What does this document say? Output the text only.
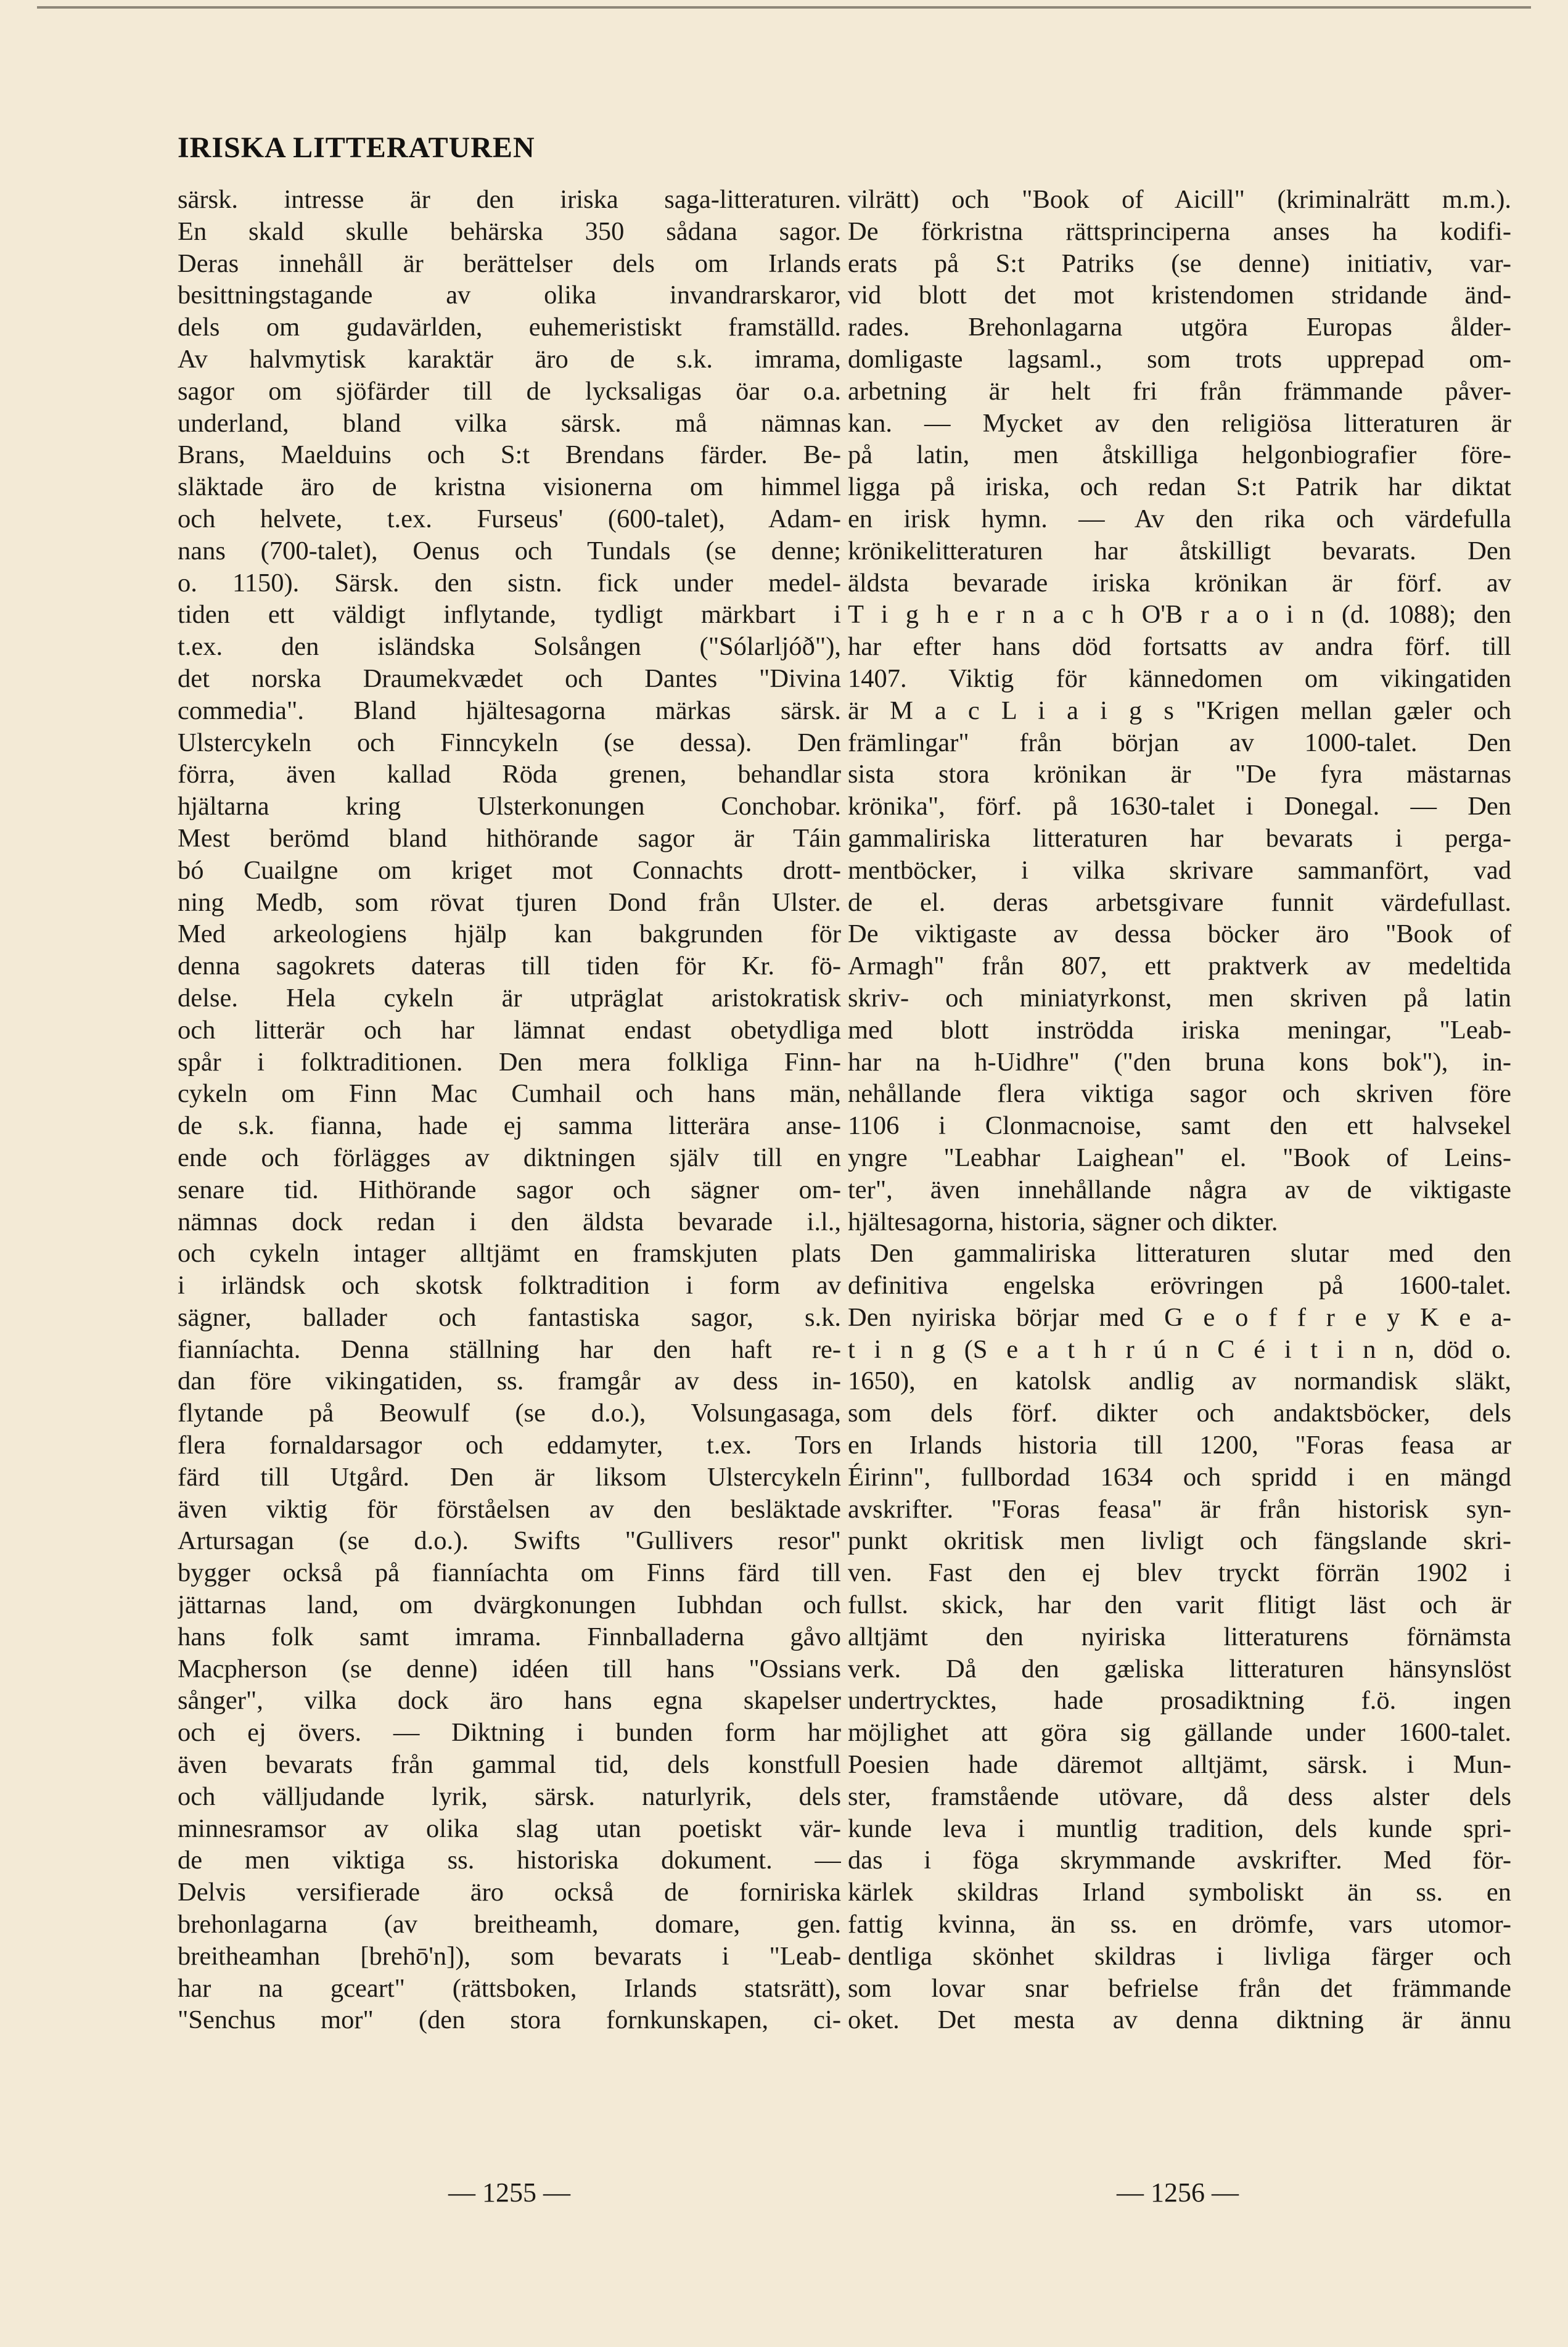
IRISKA LITTERATUREN
särsk. intresse är den iriska saga-litteraturen.
En skald skulle behärska 350 sådana sagor.
Deras innehåll är berättelser dels om Irlands
besittningstagande av olika invandrarskaror,
dels om gudavärlden, euhemeristiskt framställd.
Av halvmytisk karaktär äro de s.k. imrama,
sagor om sjöfärder till de lycksaligas öar o.a.
underland, bland vilka särsk. må nämnas
Brans, Maelduins och S:t Brendans färder. Be-
släktade äro de kristna visionerna om himmel
och helvete, t.ex. Furseus' (600-talet), Adam-
nans (700-talet), Oenus och Tundals (se denne;
o. 1150). Särsk. den sistn. fick under medel-
tiden ett väldigt inflytande, tydligt märkbart i
t.ex. den isländska Solsången ("Sólarljóð"),
det norska Draumekvædet och Dantes "Divina
commedia". Bland hjältesagorna märkas särsk.
Ulstercykeln och Finncykeln (se dessa). Den
förra, även kallad Röda grenen, behandlar
hjältarna kring Ulsterkonungen Conchobar.
Mest berömd bland hithörande sagor är Táin
bó Cuailgne om kriget mot Connachts drott-
ning Medb, som rövat tjuren Dond från Ulster.
Med arkeologiens hjälp kan bakgrunden för
denna sagokrets dateras till tiden för Kr. fö-
delse. Hela cykeln är utpräglat aristokratisk
och litterär och har lämnat endast obetydliga
spår i folktraditionen. Den mera folkliga Finn-
cykeln om Finn Mac Cumhail och hans män,
de s.k. fianna, hade ej samma litterära anse-
ende och förlägges av diktningen själv till en
senare tid. Hithörande sagor och sägner om-
nämnas dock redan i den äldsta bevarade i.l.,
och cykeln intager alltjämt en framskjuten plats
i irländsk och skotsk folktradition i form av
sägner, ballader och fantastiska sagor, s.k.
fianníachta. Denna ställning har den haft re-
dan före vikingatiden, ss. framgår av dess in-
flytande på Beowulf (se d.o.), Volsungasaga,
flera fornaldarsagor och eddamyter, t.ex. Tors
färd till Utgård. Den är liksom Ulstercykeln
även viktig för förståelsen av den besläktade
Artursagan (se d.o.). Swifts "Gullivers resor"
bygger också på fianníachta om Finns färd till
jättarnas land, om dvärgkonungen Iubhdan och
hans folk samt imrama. Finnballaderna gåvo
Macpherson (se denne) idéen till hans "Ossians
sånger", vilka dock äro hans egna skapelser
och ej övers. — Diktning i bunden form har
även bevarats från gammal tid, dels konstfull
och välljudande lyrik, särsk. naturlyrik, dels
minnesramsor av olika slag utan poetiskt vär-
de men viktiga ss. historiska dokument. —
Delvis versifierade äro också de forniriska
brehonlagarna (av breitheamh, domare, gen.
breitheamhan [brehō'n]), som bevarats i "Leab-
har na gceart" (rättsboken, Irlands statsrätt),
"Senchus mor" (den stora fornkunskapen, ci-
vilrätt) och "Book of Aicill" (kriminalrätt m.m.).
De förkristna rättsprinciperna anses ha kodifi-
erats på S:t Patriks (se denne) initiativ, var-
vid blott det mot kristendomen stridande änd-
rades. Brehonlagarna utgöra Europas ålder-
domligaste lagsaml., som trots upprepad om-
arbetning är helt fri från främmande påver-
kan. — Mycket av den religiösa litteraturen är
på latin, men åtskilliga helgonbiografier före-
ligga på iriska, och redan S:t Patrik har diktat
en irisk hymn. — Av den rika och värdefulla
krönikelitteraturen har åtskilligt bevarats. Den
äldsta bevarade iriska krönikan är förf. av
T i g h e r n a c h O'B r a o i n (d. 1088); den
har efter hans död fortsatts av andra förf. till
1407. Viktig för kännedomen om vikingatiden
är M a c L i a i g s "Krigen mellan gæler och
främlingar" från början av 1000-talet. Den
sista stora krönikan är "De fyra mästarnas
krönika", förf. på 1630-talet i Donegal. — Den
gammaliriska litteraturen har bevarats i perga-
mentböcker, i vilka skrivare sammanfört, vad
de el. deras arbetsgivare funnit värdefullast.
De viktigaste av dessa böcker äro "Book of
Armagh" från 807, ett praktverk av medeltida
skriv- och miniatyrkonst, men skriven på latin
med blott inströdda iriska meningar, "Leab-
har na h-Uidhre" ("den bruna kons bok"), in-
nehållande flera viktiga sagor och skriven före
1106 i Clonmacnoise, samt den ett halvsekel
yngre "Leabhar Laighean" el. "Book of Leins-
ter", även innehållande några av de viktigaste
hjältesagorna, historia, sägner och dikter.
Den gammaliriska litteraturen slutar med den
definitiva engelska erövringen på 1600-talet.
Den nyiriska börjar med G e o f f r e y K e a-
t i n g (S e a t h r ú n C é i t i n n, död o.
1650), en katolsk andlig av normandisk släkt,
som dels förf. dikter och andaktsböcker, dels
en Irlands historia till 1200, "Foras feasa ar
Éirinn", fullbordad 1634 och spridd i en mängd
avskrifter. "Foras feasa" är från historisk syn-
punkt okritisk men livligt och fängslande skri-
ven. Fast den ej blev tryckt förrän 1902 i
fullst. skick, har den varit flitigt läst och är
alltjämt den nyiriska litteraturens förnämsta
verk. Då den gæliska litteraturen hänsynslöst
undertrycktes, hade prosadiktning f.ö. ingen
möjlighet att göra sig gällande under 1600-talet.
Poesien hade däremot alltjämt, särsk. i Mun-
ster, framstående utövare, då dess alster dels
kunde leva i muntlig tradition, dels kunde spri-
das i föga skrymmande avskrifter. Med för-
kärlek skildras Irland symboliskt än ss. en
fattig kvinna, än ss. en drömfe, vars utomor-
dentliga skönhet skildras i livliga färger och
som lovar snar befrielse från det främmande
oket. Det mesta av denna diktning är ännu
— 1255 —	— 1256 —
